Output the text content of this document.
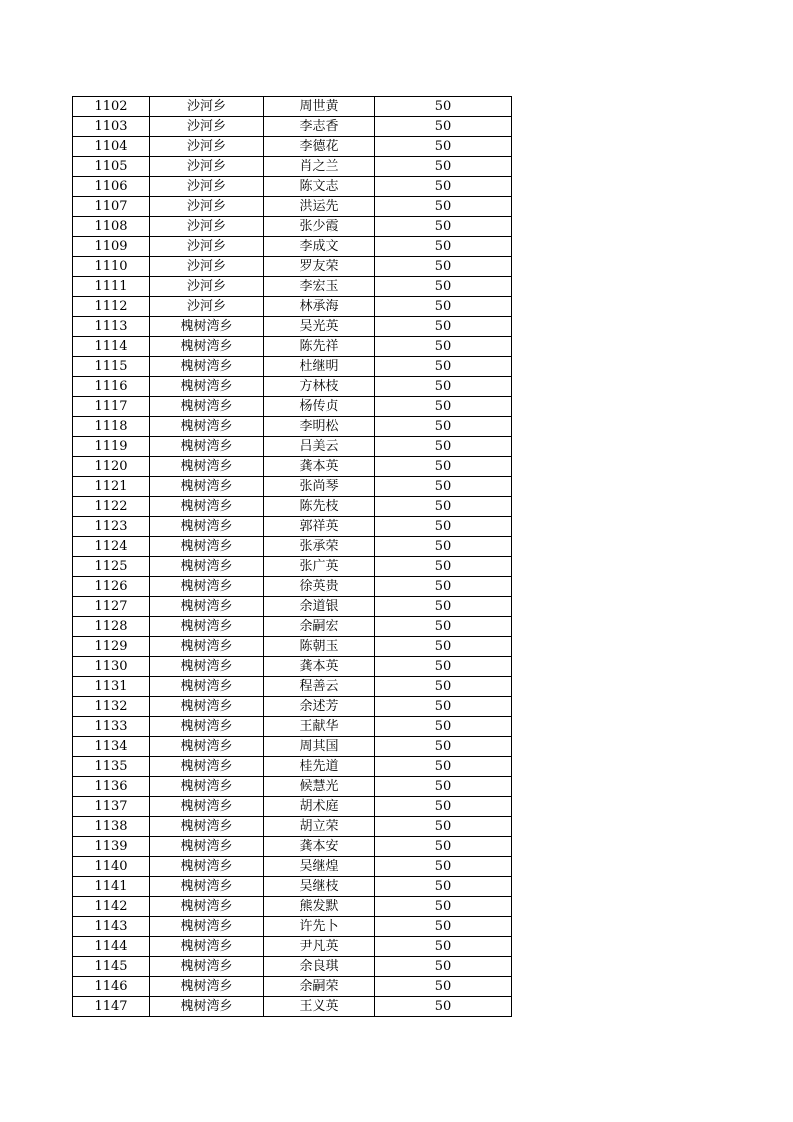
1102	沙河乡	周世黄	50
1103	沙河乡	李志香	50
1104	沙河乡	李德花	50
1105	沙河乡	肖之兰	50
1106	沙河乡	陈文志	50
1107	沙河乡	洪运先	50
1108	沙河乡	张少霞	50
1109	沙河乡	李成文	50
1110	沙河乡	罗友荣	50
1111	沙河乡	李宏玉	50
1112	沙河乡	林承海	50
1113	槐树湾乡	吴光英	50
1114	槐树湾乡	陈先祥	50
1115	槐树湾乡	杜继明	50
1116	槐树湾乡	方林枝	50
1117	槐树湾乡	杨传贞	50
1118	槐树湾乡	李明松	50
1119	槐树湾乡	吕美云	50
1120	槐树湾乡	龚本英	50
1121	槐树湾乡	张尚琴	50
1122	槐树湾乡	陈先枝	50
1123	槐树湾乡	郭祥英	50
1124	槐树湾乡	张承荣	50
1125	槐树湾乡	张广英	50
1126	槐树湾乡	徐英贵	50
1127	槐树湾乡	余道银	50
1128	槐树湾乡	余嗣宏	50
1129	槐树湾乡	陈朝玉	50
1130	槐树湾乡	龚本英	50
1131	槐树湾乡	程善云	50
1132	槐树湾乡	余述芳	50
1133	槐树湾乡	王献华	50
1134	槐树湾乡	周其国	50
1135	槐树湾乡	桂先道	50
1136	槐树湾乡	候慧光	50
1137	槐树湾乡	胡术庭	50
1138	槐树湾乡	胡立荣	50
1139	槐树湾乡	龚本安	50
1140	槐树湾乡	吴继煌	50
1141	槐树湾乡	吴继枝	50
1142	槐树湾乡	熊发默	50
1143	槐树湾乡	许先卜	50
1144	槐树湾乡	尹凡英	50
1145	槐树湾乡	余良琪	50
1146	槐树湾乡	余嗣荣	50
1147	槐树湾乡	王义英	50
